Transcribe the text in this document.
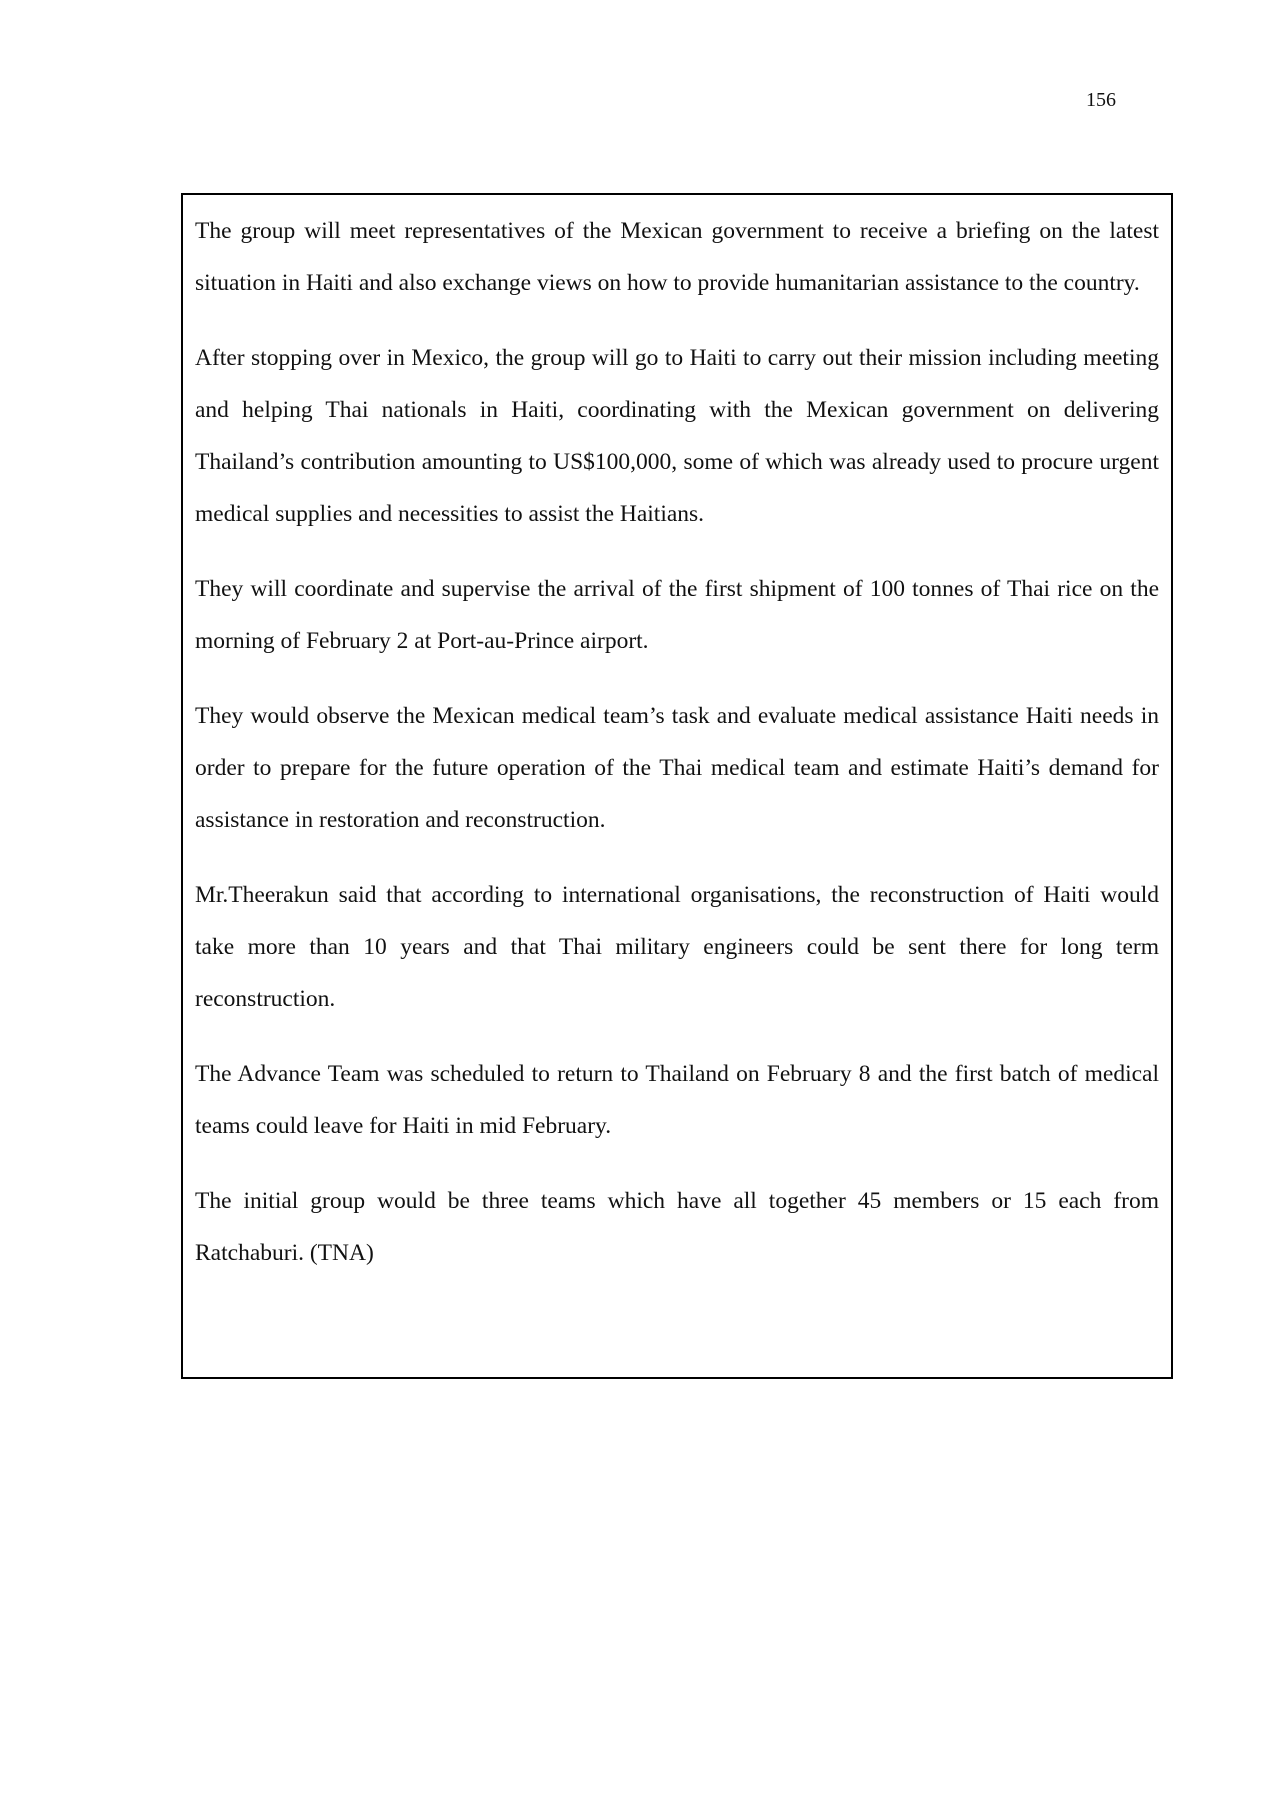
156

The group will meet representatives of the Mexican government to receive a briefing on the latest situation in Haiti and also exchange views on how to provide humanitarian assistance to the country.

After stopping over in Mexico, the group will go to Haiti to carry out their mission including meeting and helping Thai nationals in Haiti, coordinating with the Mexican government on delivering Thailand’s contribution amounting to US$100,000, some of which was already used to procure urgent medical supplies and necessities to assist the Haitians.

They will coordinate and supervise the arrival of the first shipment of 100 tonnes of Thai rice on the morning of February 2 at Port-au-Prince airport.

They would observe the Mexican medical team’s task and evaluate medical assistance Haiti needs in order to prepare for the future operation of the Thai medical team and estimate Haiti’s demand for assistance in restoration and reconstruction.

Mr.Theerakun said that according to international organisations, the reconstruction of Haiti would take more than 10 years and that Thai military engineers could be sent there for long term reconstruction.

The Advance Team was scheduled to return to Thailand on February 8 and the first batch of medical teams could leave for Haiti in mid February.

The initial group would be three teams which have all together 45 members or 15 each from Ratchaburi. (TNA)
